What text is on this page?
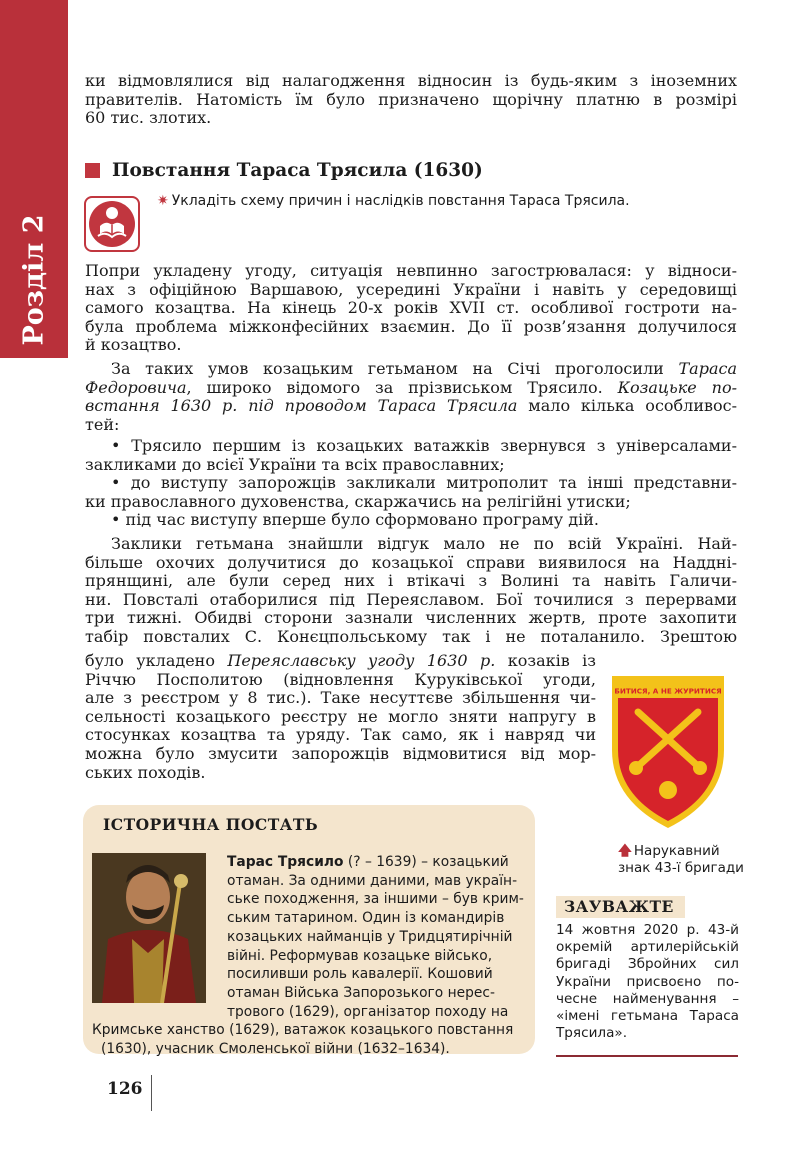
Розділ 2
ки відмовлялися від налагодження відносин із будь-яким з іноземних
правителів. Натомість їм було призначено щорічну платню в розмірі
60 тис. злотих.
Повстання Тараса Трясила (1630)
✷ Укладіть схему причин і наслідків повстання Тараса Трясила.
Попри укладену угоду, ситуація невпинно загострювалася: у відноси-
нах з офіційною Варшавою, усередині України і навіть у середовищі
самого козацтва. На кінець 20-х років XVII ст. особливої гостроти на-
була проблема міжконфесійних взаємин. До її розв’язання долучилося
й козацтво.
За таких умов козацьким гетьманом на Січі проголосили Тараса
Федоровича, широко відомого за прізвиськом Трясило. Козацьке по-
встання 1630 р. під проводом Тараса Трясила мало кілька особливос-
тей:
• Трясило першим із козацьких ватажків звернувся з універсалами-
закликами до всієї України та всіх православних;
• до виступу запорожців закликали митрополит та інші представни-
ки православного духовенства, скаржачись на релігійні утиски;
• під час виступу вперше було сформовано програму дій.
Заклики гетьмана знайшли відгук мало не по всій Україні. Най-
більше охочих долучитися до козацької справи виявилося на Наддні-
прянщині, але були серед них і втікачі з Волині та навіть Галичи-
ни. Повсталі отаборилися під Переяславом. Бої точилися з перервами
три тижні. Обидві сторони зазнали численних жертв, проте захопити
табір повсталих С. Конєцпольському так і не поталанило. Зрештою
було укладено Переяславську угоду 1630 р. козаків із
Річчю Посполитою (відновлення Куруківської угоди,
але з реєстром у 8 тис.). Таке несуттєве збільшення чи-
сельності козацького реєстру не могло зняти напругу в
стосунках козацтва та уряду. Так само, як і навряд чи
можна було змусити запорожців відмовитися від мор-
ських походів.
БИТИСЯ, А НЕ ЖУРИТИСЯ
🡅 Нарукавний
знак 43-ї бригади
ІСТОРИЧНА ПОСТАТЬ
Тарас Трясило (? – 1639) – козацький
отаман. За одними даними, мав україн-
ське походження, за іншими – був крим-
ським татарином. Один із командирів
козацьких найманців у Тридцятирічній
війні. Реформував козацьке військо,
посиливши роль кавалерії. Кошовий
отаман Війська Запорозького нерес-
трового (1629), організатор походу на
Кримське ханство (1629), ватажок козацького повстання
(1630), учасник Смоленської війни (1632–1634).
ЗАУВАЖТЕ
14 жовтня 2020 р. 43-й
окремій артилерійській
бригаді Збройних сил
України присвоєно по-
чесне найменування –
«імені гетьмана Тараса
Трясила».
126
